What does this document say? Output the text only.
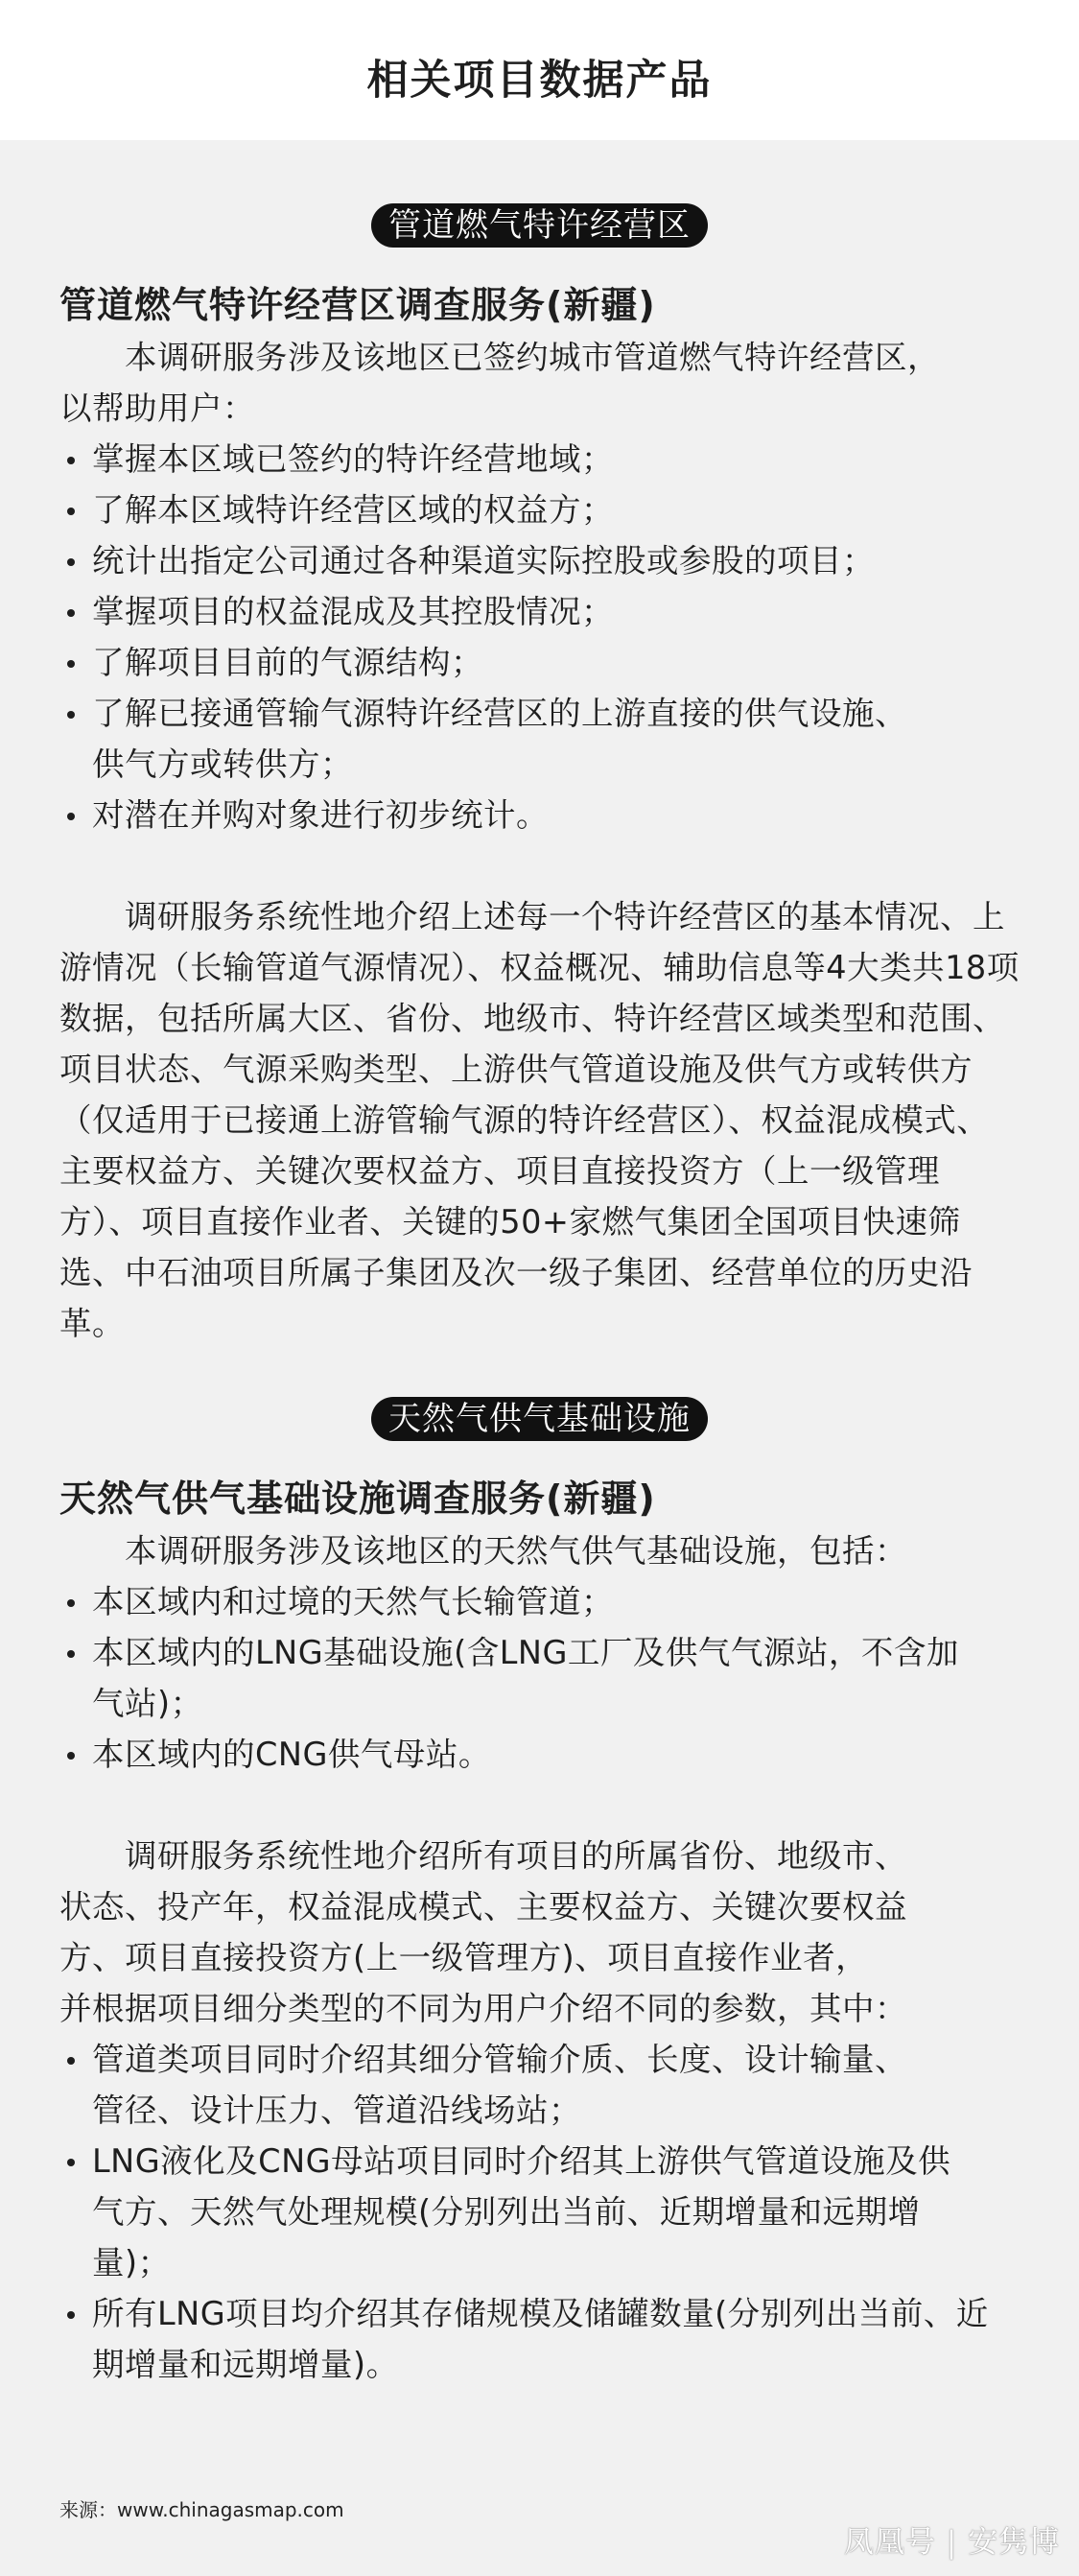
相关项目数据产品
管道燃气特许经营区
管道燃气特许经营区调查服务(新疆)

本调研服务涉及该地区已签约城市管道燃气特许经营区，

以帮助用户：

掌握本区域已签约的特许经营地域；
了解本区域特许经营区域的权益方；
统计出指定公司通过各种渠道实际控股或参股的项目；
掌握项目的权益混成及其控股情况；
了解项目目前的气源结构；
了解已接通管输气源特许经营区的上游直接的供气设施、供气方或转供方；
对潜在并购对象进行初步统计。

调研服务系统性地介绍上述每一个特许经营区的基本情况、上游情况（长输管道气源情况）、权益概况、辅助信息等4大类共18项数据，包括所属大区、省份、地级市、特许经营区域类型和范围、项目状态、气源采购类型、上游供气管道设施及供气方或转供方（仅适用于已接通上游管输气源的特许经营区）、权益混成模式、主要权益方、关键次要权益方、项目直接投资方（上一级管理方）、项目直接作业者、关键的50+家燃气集团全国项目快速筛选、中石油项目所属子集团及次一级子集团、经营单位的历史沿革。

天然气供气基础设施
天然气供气基础设施调查服务(新疆)

本调研服务涉及该地区的天然气供气基础设施，包括：

本区域内和过境的天然气长输管道；
本区域内的LNG基础设施(含LNG工厂及供气气源站，不含加气站)；
本区域内的CNG供气母站。

调研服务系统性地介绍所有项目的所属省份、地级市、

状态、投产年，权益混成模式、主要权益方、关键次要权益

方、项目直接投资方(上一级管理方)、项目直接作业者，

并根据项目细分类型的不同为用户介绍不同的参数，其中：

管道类项目同时介绍其细分管输介质、长度、设计输量、管径、设计压力、管道沿线场站；
LNG液化及CNG母站项目同时介绍其上游供气管道设施及供气方、天然气处理规模(分别列出当前、近期增量和远期增量)；
所有LNG项目均介绍其存储规模及储罐数量(分别列出当前、近期增量和远期增量)。
来源：www.chinagasmap.com
凤凰号 | 安隽博
